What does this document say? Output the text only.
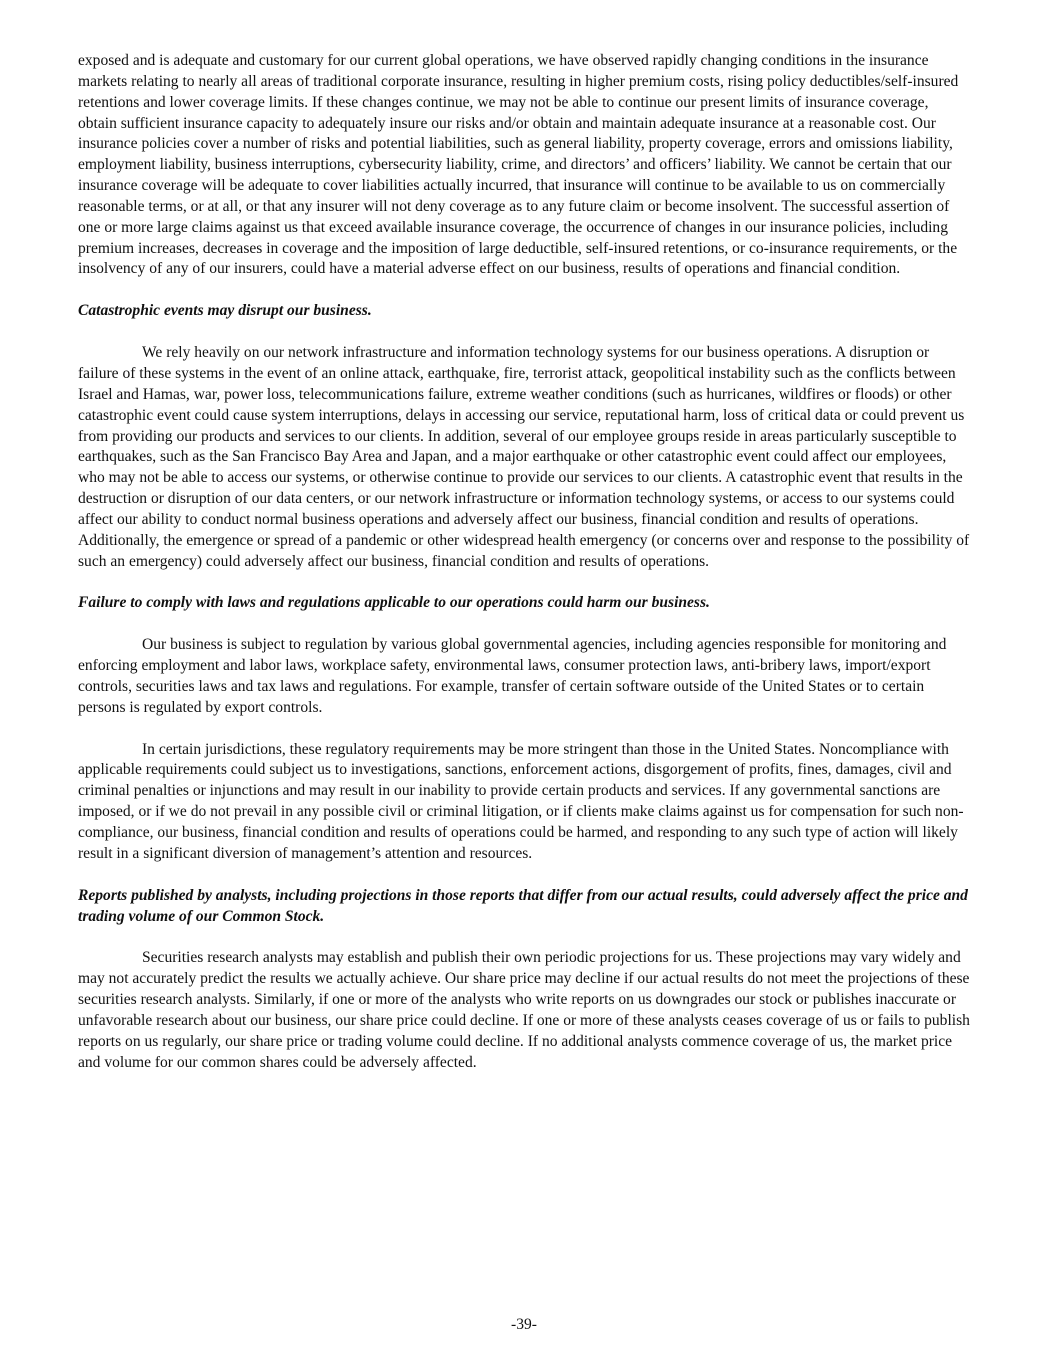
exposed and is adequate and customary for our current global operations, we have observed rapidly changing conditions in the insurance markets relating to nearly all areas of traditional corporate insurance, resulting in higher premium costs, rising policy deductibles/self-insured retentions and lower coverage limits. If these changes continue, we may not be able to continue our present limits of insurance coverage, obtain sufficient insurance capacity to adequately insure our risks and/or obtain and maintain adequate insurance at a reasonable cost. Our insurance policies cover a number of risks and potential liabilities, such as general liability, property coverage, errors and omissions liability, employment liability, business interruptions, cybersecurity liability, crime, and directors’ and officers’ liability. We cannot be certain that our insurance coverage will be adequate to cover liabilities actually incurred, that insurance will continue to be available to us on commercially reasonable terms, or at all, or that any insurer will not deny coverage as to any future claim or become insolvent. The successful assertion of one or more large claims against us that exceed available insurance coverage, the occurrence of changes in our insurance policies, including premium increases, decreases in coverage and the imposition of large deductible, self-insured retentions, or co-insurance requirements, or the insolvency of any of our insurers, could have a material adverse effect on our business, results of operations and financial condition.

Catastrophic events may disrupt our business.

We rely heavily on our network infrastructure and information technology systems for our business operations. A disruption or failure of these systems in the event of an online attack, earthquake, fire, terrorist attack, geopolitical instability such as the conflicts between Israel and Hamas, war, power loss, telecommunications failure, extreme weather conditions (such as hurricanes, wildfires or floods) or other catastrophic event could cause system interruptions, delays in accessing our service, reputational harm, loss of critical data or could prevent us from providing our products and services to our clients. In addition, several of our employee groups reside in areas particularly susceptible to earthquakes, such as the San Francisco Bay Area and Japan, and a major earthquake or other catastrophic event could affect our employees, who may not be able to access our systems, or otherwise continue to provide our services to our clients. A catastrophic event that results in the destruction or disruption of our data centers, or our network infrastructure or information technology systems, or access to our systems could affect our ability to conduct normal business operations and adversely affect our business, financial condition and results of operations. Additionally, the emergence or spread of a pandemic or other widespread health emergency (or concerns over and response to the possibility of such an emergency) could adversely affect our business, financial condition and results of operations.

Failure to comply with laws and regulations applicable to our operations could harm our business.

Our business is subject to regulation by various global governmental agencies, including agencies responsible for monitoring and enforcing employment and labor laws, workplace safety, environmental laws, consumer protection laws, anti-bribery laws, import/export controls, securities laws and tax laws and regulations. For example, transfer of certain software outside of the United States or to certain persons is regulated by export controls.

In certain jurisdictions, these regulatory requirements may be more stringent than those in the United States. Noncompliance with applicable requirements could subject us to investigations, sanctions, enforcement actions, disgorgement of profits, fines, damages, civil and criminal penalties or injunctions and may result in our inability to provide certain products and services. If any governmental sanctions are imposed, or if we do not prevail in any possible civil or criminal litigation, or if clients make claims against us for compensation for such non-compliance, our business, financial condition and results of operations could be harmed, and responding to any such type of action will likely result in a significant diversion of management’s attention and resources.

Reports published by analysts, including projections in those reports that differ from our actual results, could adversely affect the price and trading volume of our Common Stock.

Securities research analysts may establish and publish their own periodic projections for us. These projections may vary widely and may not accurately predict the results we actually achieve. Our share price may decline if our actual results do not meet the projections of these securities research analysts. Similarly, if one or more of the analysts who write reports on us downgrades our stock or publishes inaccurate or unfavorable research about our business, our share price could decline. If one or more of these analysts ceases coverage of us or fails to publish reports on us regularly, our share price or trading volume could decline. If no additional analysts commence coverage of us, the market price and volume for our common shares could be adversely affected.

-39-
